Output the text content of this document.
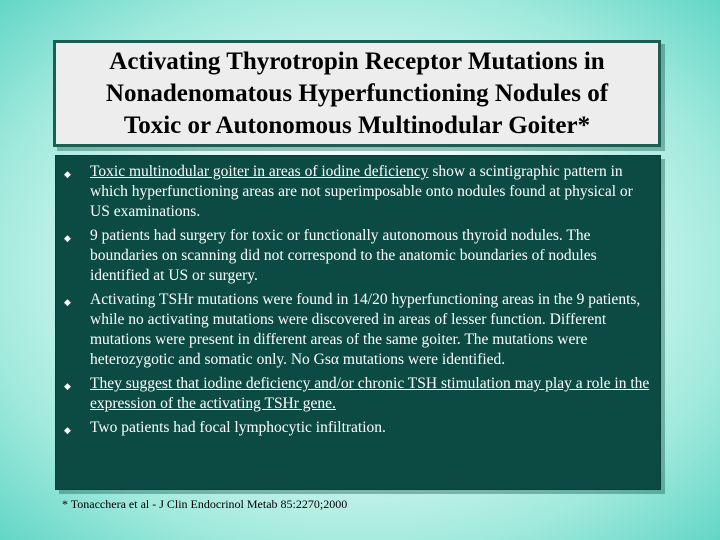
Activating Thyrotropin Receptor Mutations in
Nonadenomatous Hyperfunctioning Nodules of
Toxic or Autonomous Multinodular Goiter*
◆	Toxic multinodular goiter in areas of iodine deficiency show a scintigraphic pattern in which hyperfunctioning areas are not superimposable onto nodules found at physical or US examinations.
◆	9 patients had surgery for toxic or functionally autonomous thyroid nodules. The boundaries on scanning did not correspond to the anatomic boundaries of nodules identified at US or surgery.
◆	Activating TSHr mutations were found in 14/20 hyperfunctioning areas in the 9 patients, while no activating mutations were discovered in areas of lesser function. Different mutations were present in different areas of the same goiter. The mutations were heterozygotic and somatic only. No Gsα mutations were identified.
◆	They suggest that iodine deficiency and/or chronic TSH stimulation may play a role in the expression of the activating TSHr gene.
◆	Two patients had focal lymphocytic infiltration.
* Tonacchera et al - J Clin Endocrinol Metab 85:2270;2000
